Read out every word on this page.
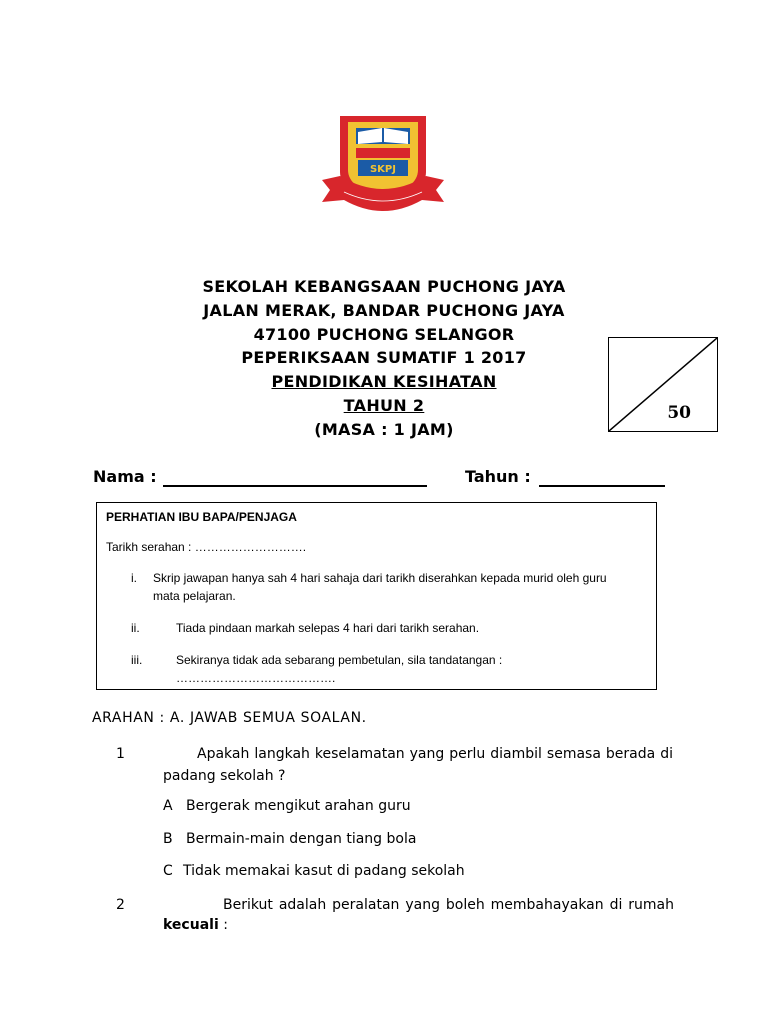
SKPJ
SEKOLAH KEBANGSAAN PUCHONG JAYA
JALAN MERAK, BANDAR PUCHONG JAYA
47100 PUCHONG SELANGOR
PEPERIKSAAN SUMATIF 1 2017
PENDIDIKAN KESIHATAN
TAHUN 2
(MASA : 1 JAM)
50
Nama :	Tahun :
PERHATIAN IBU BAPA/PENJAGA
Tarikh serahan : ……………………….
i. Skrip jawapan hanya sah 4 hari sahaja dari tarikh diserahkan kepada murid oleh guru
mata pelajaran.
ii.	Tiada pindaan markah selepas 4 hari dari tarikh serahan.
iii.	Sekiranya tidak ada sebarang pembetulan, sila tandatangan :
………………………………….
ARAHAN : A. JAWAB SEMUA SOALAN.
1	Apakah langkah keselamatan yang perlu diambil semasa berada di
padang sekolah ?
A Bergerak mengikut arahan guru
B Bermain-main dengan tiang bola
C Tidak memakai kasut di padang sekolah
2	Berikut adalah peralatan yang boleh membahayakan di rumah
kecuali :
